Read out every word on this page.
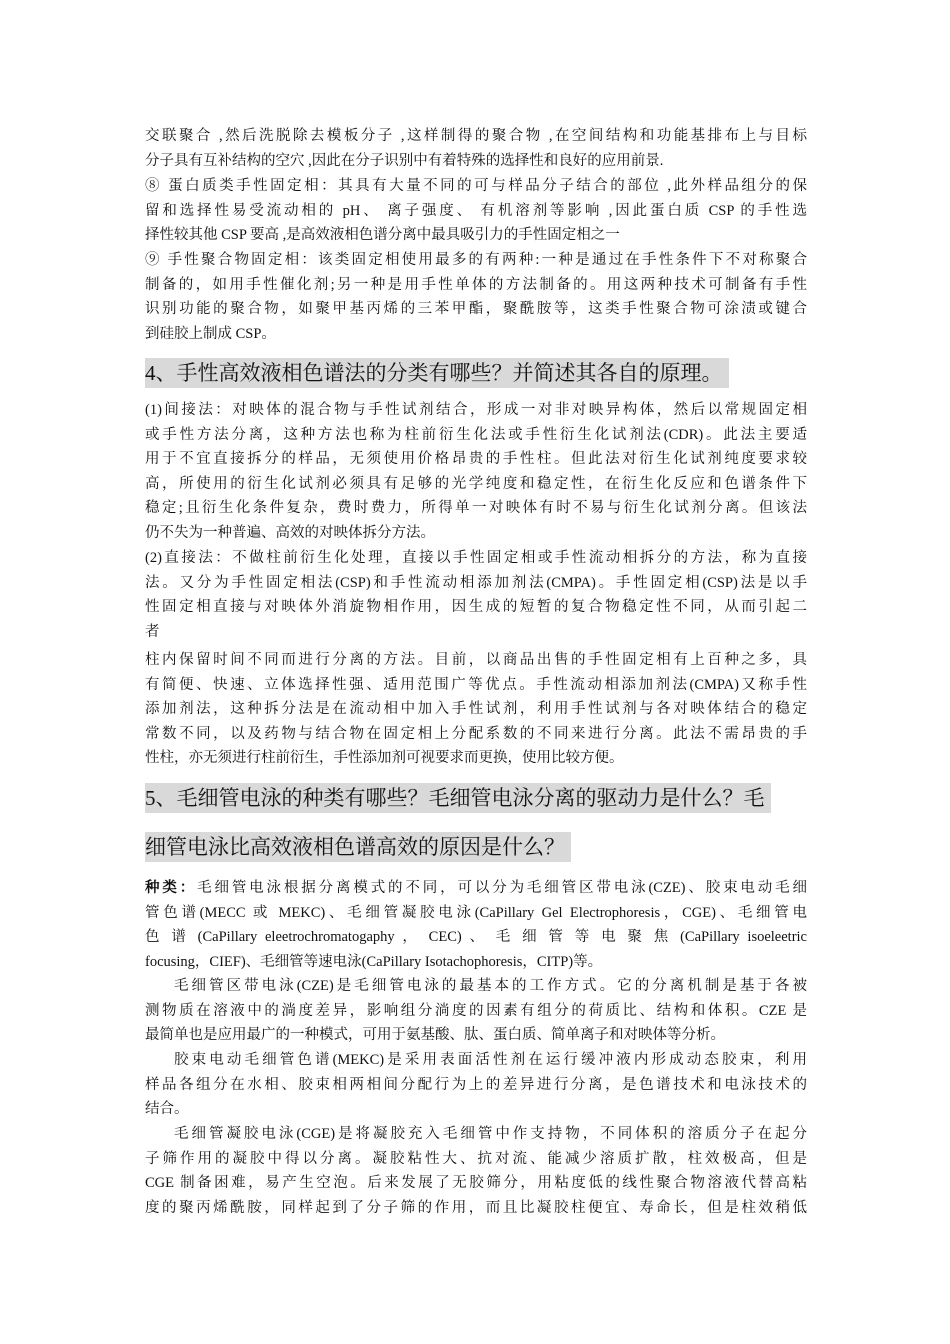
交联聚合 ,然后洗脱除去模板分子 ,这样制得的聚合物 ,在空间结构和功能基排布上与目标
分子具有互补结构的空穴 ,因此在分子识别中有着特殊的选择性和良好的应用前景.
⑧ 蛋白质类手性固定相：其具有大量不同的可与样品分子结合的部位 ,此外样品组分的保
留和选择性易受流动相的 pH、 离子强度、 有机溶剂等影响 ,因此蛋白质 CSP 的手性选
择性较其他 CSP 要高 ,是高效液相色谱分离中最具吸引力的手性固定相之一
⑨ 手性聚合物固定相：该类固定相使用最多的有两种:一种是通过在手性条件下不对称聚合
制备的，如用手性催化剂;另一种是用手性单体的方法制备的。用这两种技术可制备有手性
识别功能的聚合物，如聚甲基丙烯的三苯甲酯，聚酰胺等，这类手性聚合物可涂渍或键合
到硅胶上制成 CSP。
4、手性高效液相色谱法的分类有哪些？并简述其各自的原理。
(1)间接法：对映体的混合物与手性试剂结合，形成一对非对映异构体，然后以常规固定相
或手性方法分离，这种方法也称为柱前衍生化法或手性衍生化试剂法(CDR)。此法主要适
用于不宜直接拆分的样品，无须使用价格昂贵的手性柱。但此法对衍生化试剂纯度要求较
高，所使用的衍生化试剂必须具有足够的光学纯度和稳定性，在衍生化反应和色谱条件下
稳定;且衍生化条件复杂，费时费力，所得单一对映体有时不易与衍生化试剂分离。但该法
仍不失为一种普遍、高效的对映体拆分方法。
(2)直接法：不做柱前衍生化处理，直接以手性固定相或手性流动相拆分的方法，称为直接
法。又分为手性固定相法(CSP)和手性流动相添加剂法(CMPA)。手性固定相(CSP)法是以手
性固定相直接与对映体外消旋物相作用，因生成的短暂的复合物稳定性不同，从而引起二
者
柱内保留时间不同而进行分离的方法。目前，以商品出售的手性固定相有上百种之多，具
有简便、快速、立体选择性强、适用范围广等优点。手性流动相添加剂法(CMPA)又称手性
添加剂法，这种拆分法是在流动相中加入手性试剂，利用手性试剂与各对映体结合的稳定
常数不同，以及药物与结合物在固定相上分配系数的不同来进行分离。此法不需昂贵的手
性柱，亦无须进行柱前衍生，手性添加剂可视要求而更换，使用比较方便。
5、毛细管电泳的种类有哪些？毛细管电泳分离的驱动力是什么？毛
细管电泳比高效液相色谱高效的原因是什么？
种类：毛细管电泳根据分离模式的不同，可以分为毛细管区带电泳(CZE)、胶束电动毛细
管色谱(MECC 或 MEKC)、毛细管凝胶电泳(CaPillary Gel Electrophoresis，CGE)、毛细管电
色 谱 (CaPillary eleetrochromatogaphy ， CEC) 、 毛 细 管 等 电 聚 焦 (CaPillary isoeleetric
focusing，CIEF)、毛细管等速电泳(CaPillary Isotachophoresis，CITP)等。
毛细管区带电泳(CZE)是毛细管电泳的最基本的工作方式。它的分离机制是基于各被
测物质在溶液中的淌度差异，影响组分淌度的因素有组分的荷质比、结构和体积。CZE 是
最简单也是应用最广的一种模式，可用于氨基酸、肽、蛋白质、简单离子和对映体等分析。
胶束电动毛细管色谱(MEKC)是采用表面活性剂在运行缓冲液内形成动态胶束，利用
样品各组分在水相、胶束相两相间分配行为上的差异进行分离，是色谱技术和电泳技术的
结合。
毛细管凝胶电泳(CGE)是将凝胶充入毛细管中作支持物，不同体积的溶质分子在起分
子筛作用的凝胶中得以分离。凝胶粘性大、抗对流、能减少溶质扩散，柱效极高，但是
CGE 制备困难，易产生空泡。后来发展了无胶筛分，用粘度低的线性聚合物溶液代替高粘
度的聚丙烯酰胺，同样起到了分子筛的作用，而且比凝胶柱便宜、寿命长，但是柱效稍低
